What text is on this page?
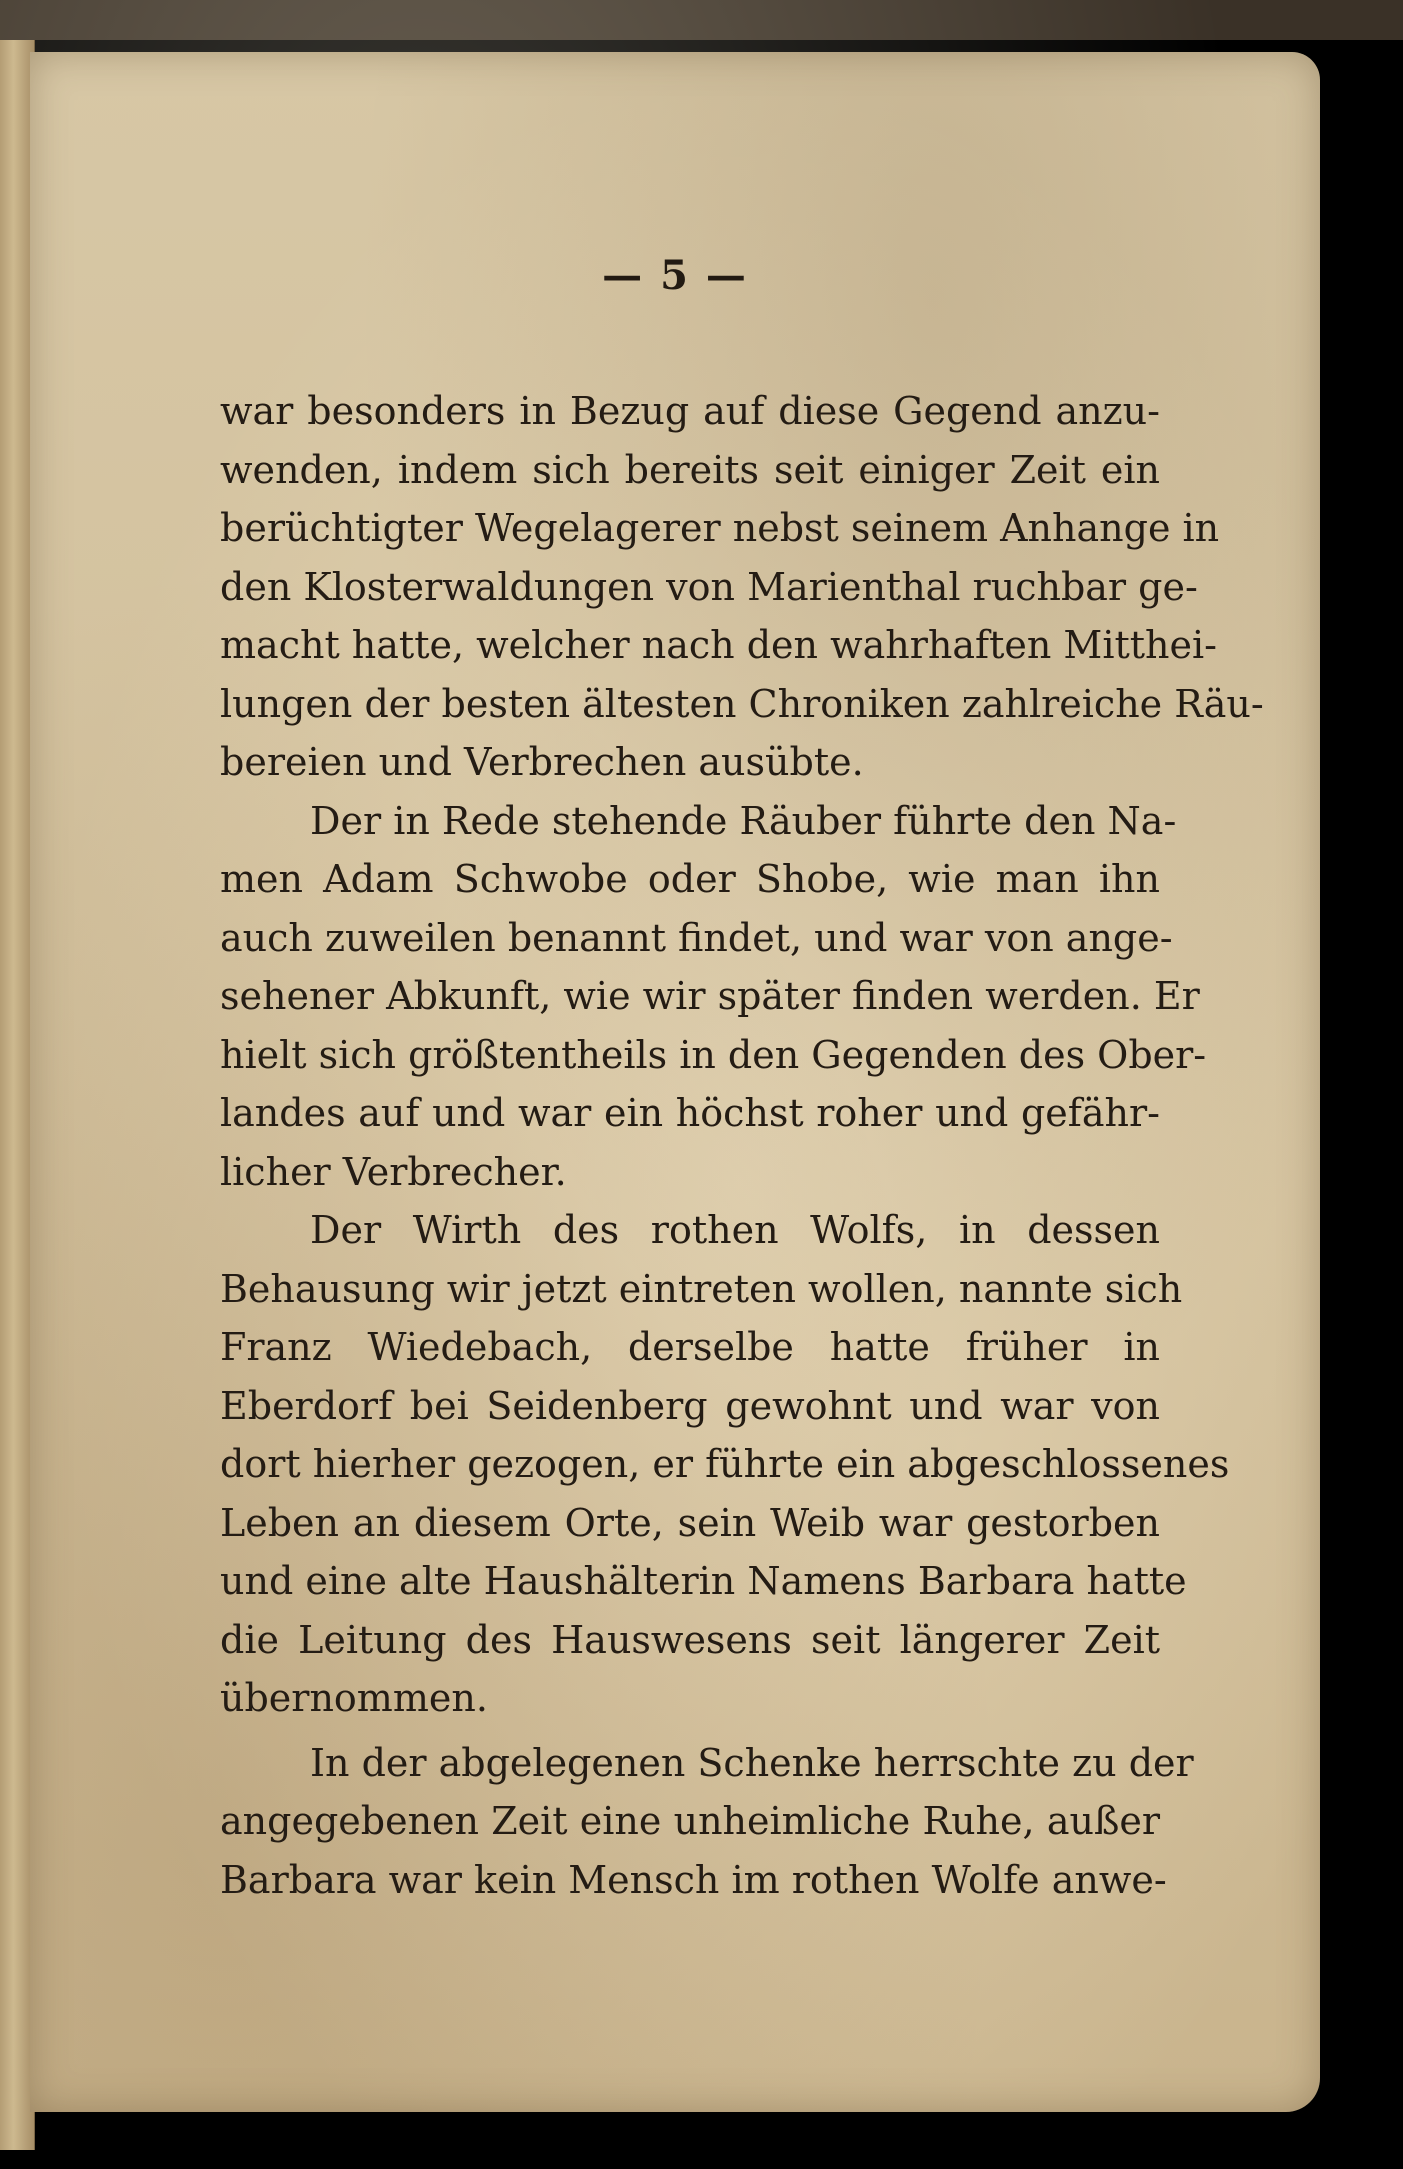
— 5 —
war besonders in Bezug auf diese Gegend anzu-
wenden, indem sich bereits seit einiger Zeit ein
berüchtigter Wegelagerer nebst seinem Anhange in
den Klosterwaldungen von Marienthal ruchbar ge-
macht hatte, welcher nach den wahrhaften Mitthei-
lungen der besten ältesten Chroniken zahlreiche Räu-
bereien und Verbrechen ausübte.
Der in Rede stehende Räuber führte den Na-
men Adam Schwobe oder Shobe, wie man ihn
auch zuweilen benannt findet, und war von ange-
sehener Abkunft, wie wir später finden werden. Er
hielt sich größtentheils in den Gegenden des Ober-
landes auf und war ein höchst roher und gefähr-
licher Verbrecher.
Der Wirth des rothen Wolfs, in dessen
Behausung wir jetzt eintreten wollen, nannte sich
Franz Wiedebach, derselbe hatte früher in
Eberdorf bei Seidenberg gewohnt und war von
dort hierher gezogen, er führte ein abgeschlossenes
Leben an diesem Orte, sein Weib war gestorben
und eine alte Haushälterin Namens Barbara hatte
die Leitung des Hauswesens seit längerer Zeit
übernommen.
In der abgelegenen Schenke herrschte zu der
angegebenen Zeit eine unheimliche Ruhe, außer
Barbara war kein Mensch im rothen Wolfe anwe-
